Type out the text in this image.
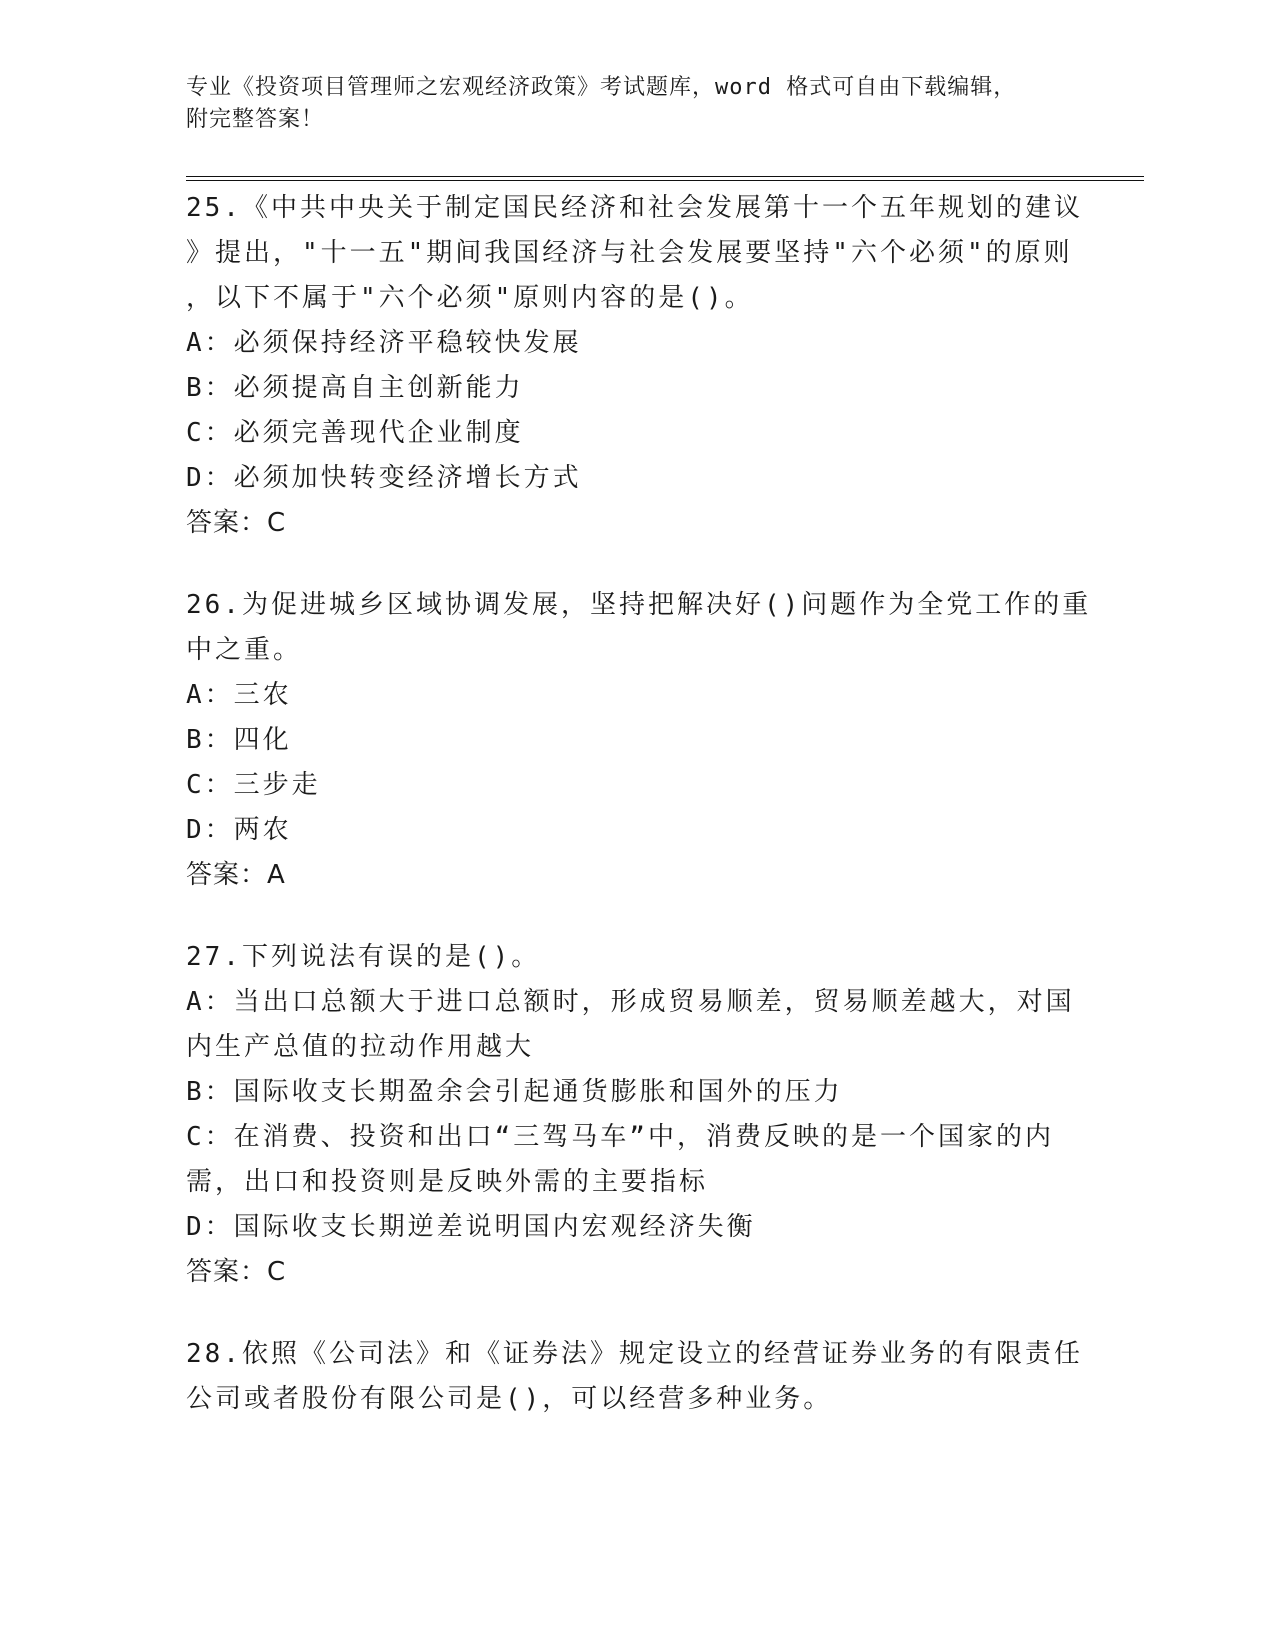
专业《投资项目管理师之宏观经济政策》考试题库，word 格式可自由下载编辑，
附完整答案！
25.《中共中央关于制定国民经济和社会发展第十一个五年规划的建议
》提出，"十一五"期间我国经济与社会发展要坚持"六个必须"的原则
，以下不属于"六个必须"原则内容的是()。
A：必须保持经济平稳较快发展
B：必须提高自主创新能力
C：必须完善现代企业制度
D：必须加快转变经济增长方式
答案：C
26.为促进城乡区域协调发展，坚持把解决好()问题作为全党工作的重
中之重。
A：三农
B：四化
C：三步走
D：两农
答案：A
27.下列说法有误的是()。
A：当出口总额大于进口总额时，形成贸易顺差，贸易顺差越大，对国
内生产总值的拉动作用越大
B：国际收支长期盈余会引起通货膨胀和国外的压力
C：在消费、投资和出口“三驾马车”中，消费反映的是一个国家的内
需，出口和投资则是反映外需的主要指标
D：国际收支长期逆差说明国内宏观经济失衡
答案：C
28.依照《公司法》和《证券法》规定设立的经营证券业务的有限责任
公司或者股份有限公司是()，可以经营多种业务。
